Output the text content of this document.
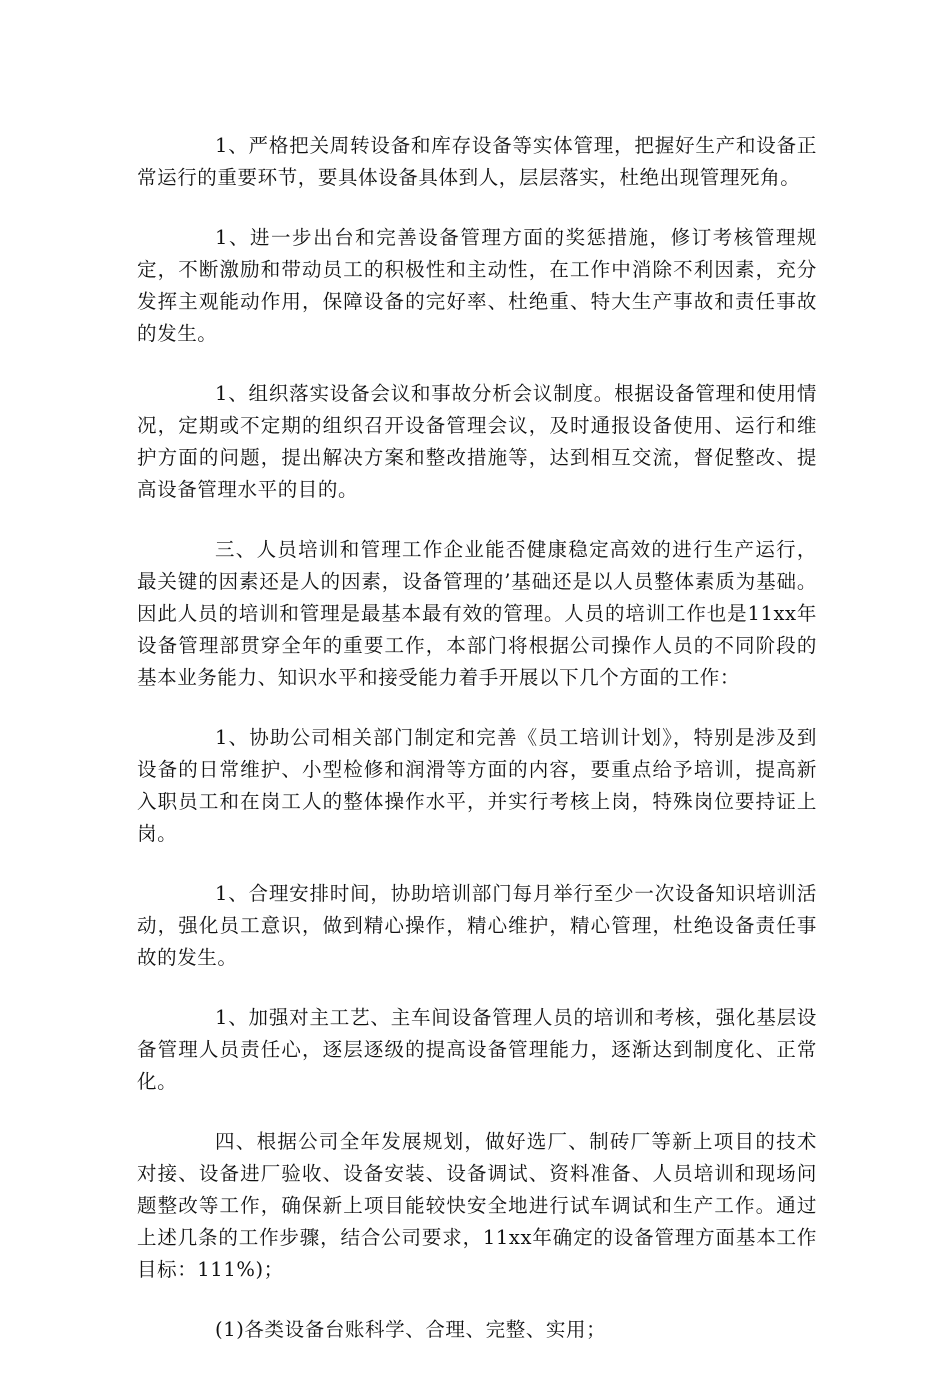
1、严格把关周转设备和库存设备等实体管理，把握好生产和设备正常运行的重要环节，要具体设备具体到人，层层落实，杜绝出现管理死角。

1、进一步出台和完善设备管理方面的奖惩措施，修订考核管理规定，不断激励和带动员工的积极性和主动性，在工作中消除不利因素，充分发挥主观能动作用，保障设备的完好率、杜绝重、特大生产事故和责任事故的发生。

1、组织落实设备会议和事故分析会议制度。根据设备管理和使用情况，定期或不定期的组织召开设备管理会议，及时通报设备使用、运行和维护方面的问题，提出解决方案和整改措施等，达到相互交流，督促整改、提高设备管理水平的目的。

三、人员培训和管理工作企业能否健康稳定高效的进行生产运行，最关键的因素还是人的因素，设备管理的’基础还是以人员整体素质为基础。因此人员的培训和管理是最基本最有效的管理。人员的培训工作也是11xx年设备管理部贯穿全年的重要工作，本部门将根据公司操作人员的不同阶段的基本业务能力、知识水平和接受能力着手开展以下几个方面的工作：

1、协助公司相关部门制定和完善《员工培训计划》，特别是涉及到设备的日常维护、小型检修和润滑等方面的内容，要重点给予培训，提高新入职员工和在岗工人的整体操作水平，并实行考核上岗，特殊岗位要持证上岗。

1、合理安排时间，协助培训部门每月举行至少一次设备知识培训活动，强化员工意识，做到精心操作，精心维护，精心管理，杜绝设备责任事故的发生。

1、加强对主工艺、主车间设备管理人员的培训和考核，强化基层设备管理人员责任心，逐层逐级的提高设备管理能力，逐渐达到制度化、正常化。

四、根据公司全年发展规划，做好选厂、制砖厂等新上项目的技术对接、设备进厂验收、设备安装、设备调试、资料准备、人员培训和现场问题整改等工作，确保新上项目能较快安全地进行试车调试和生产工作。通过上述几条的工作步骤，结合公司要求，11xx年确定的设备管理方面基本工作目标：111%)；

(1)各类设备台账科学、合理、完整、实用；
